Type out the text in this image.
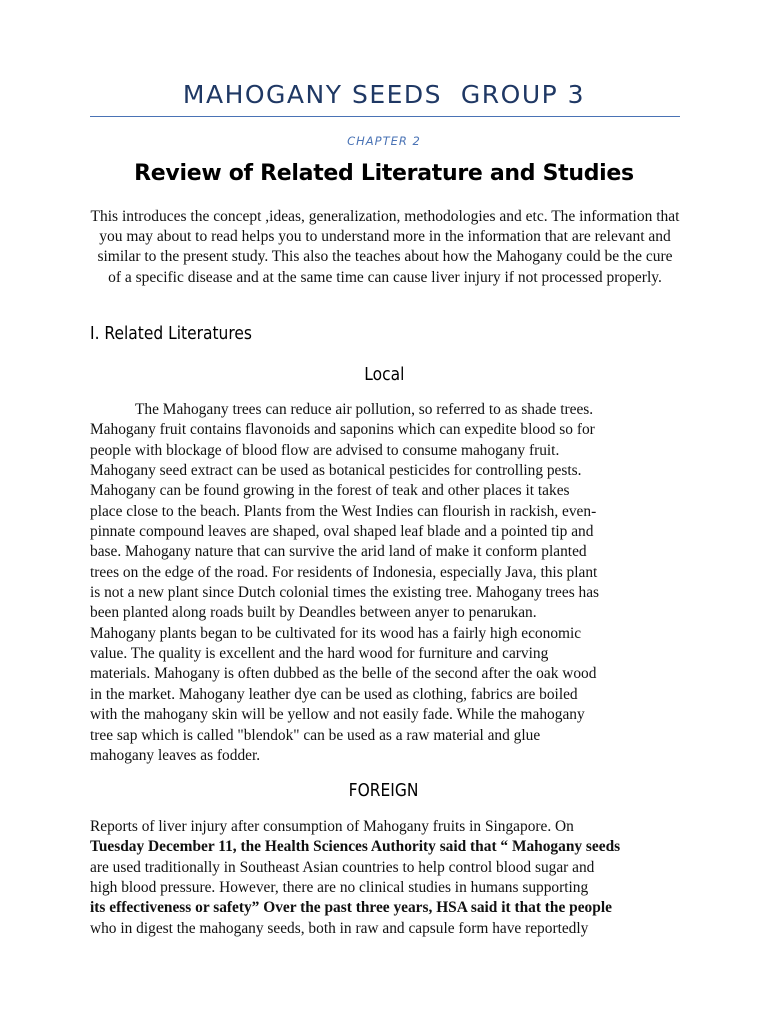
MAHOGANY SEEDS  GROUP 3
CHAPTER 2
Review of Related Literature and Studies
This introduces the concept ,ideas, generalization, methodologies and etc. The information that you may about to read helps you to understand more in the information that are relevant and similar to the present study. This also the teaches about how the Mahogany could be the cure of a specific disease and at the same time can cause liver injury if not processed properly.
I. Related Literatures
Local
The Mahogany trees can reduce air pollution, so referred to as shade trees.
Mahogany fruit contains flavonoids and saponins which can expedite blood so for
people with blockage of blood flow are advised to consume mahogany fruit.
Mahogany seed extract can be used as botanical pesticides for controlling pests.
Mahogany can be found growing in the forest of teak and other places it takes
place close to the beach. Plants from the West Indies can flourish in rackish, even-
pinnate compound leaves are shaped, oval shaped leaf blade and a pointed tip and
base. Mahogany nature that can survive the arid land of make it conform planted
trees on the edge of the road. For residents of Indonesia, especially Java, this plant
is not a new plant since Dutch colonial times the existing tree. Mahogany trees has
been planted along roads built by Deandles between anyer to penarukan.
Mahogany plants began to be cultivated for its wood has a fairly high economic
value. The quality is excellent and the hard wood for furniture and carving
materials. Mahogany is often dubbed as the belle of the second after the oak wood
in the market. Mahogany leather dye can be used as clothing, fabrics are boiled
with the mahogany skin will be yellow and not easily fade. While the mahogany
tree sap which is called "blendok" can be used as a raw material and glue
mahogany leaves as fodder.
FOREIGN
Reports of liver injury after consumption of Mahogany fruits in Singapore. On
Tuesday December 11, the Health Sciences Authority said that “ Mahogany seeds
are used traditionally in Southeast Asian countries to help control blood sugar and
high blood pressure. However, there are no clinical studies in humans supporting
its effectiveness or safety” Over the past three years, HSA said it that the people
who in digest the mahogany seeds, both in raw and capsule form have reportedly
